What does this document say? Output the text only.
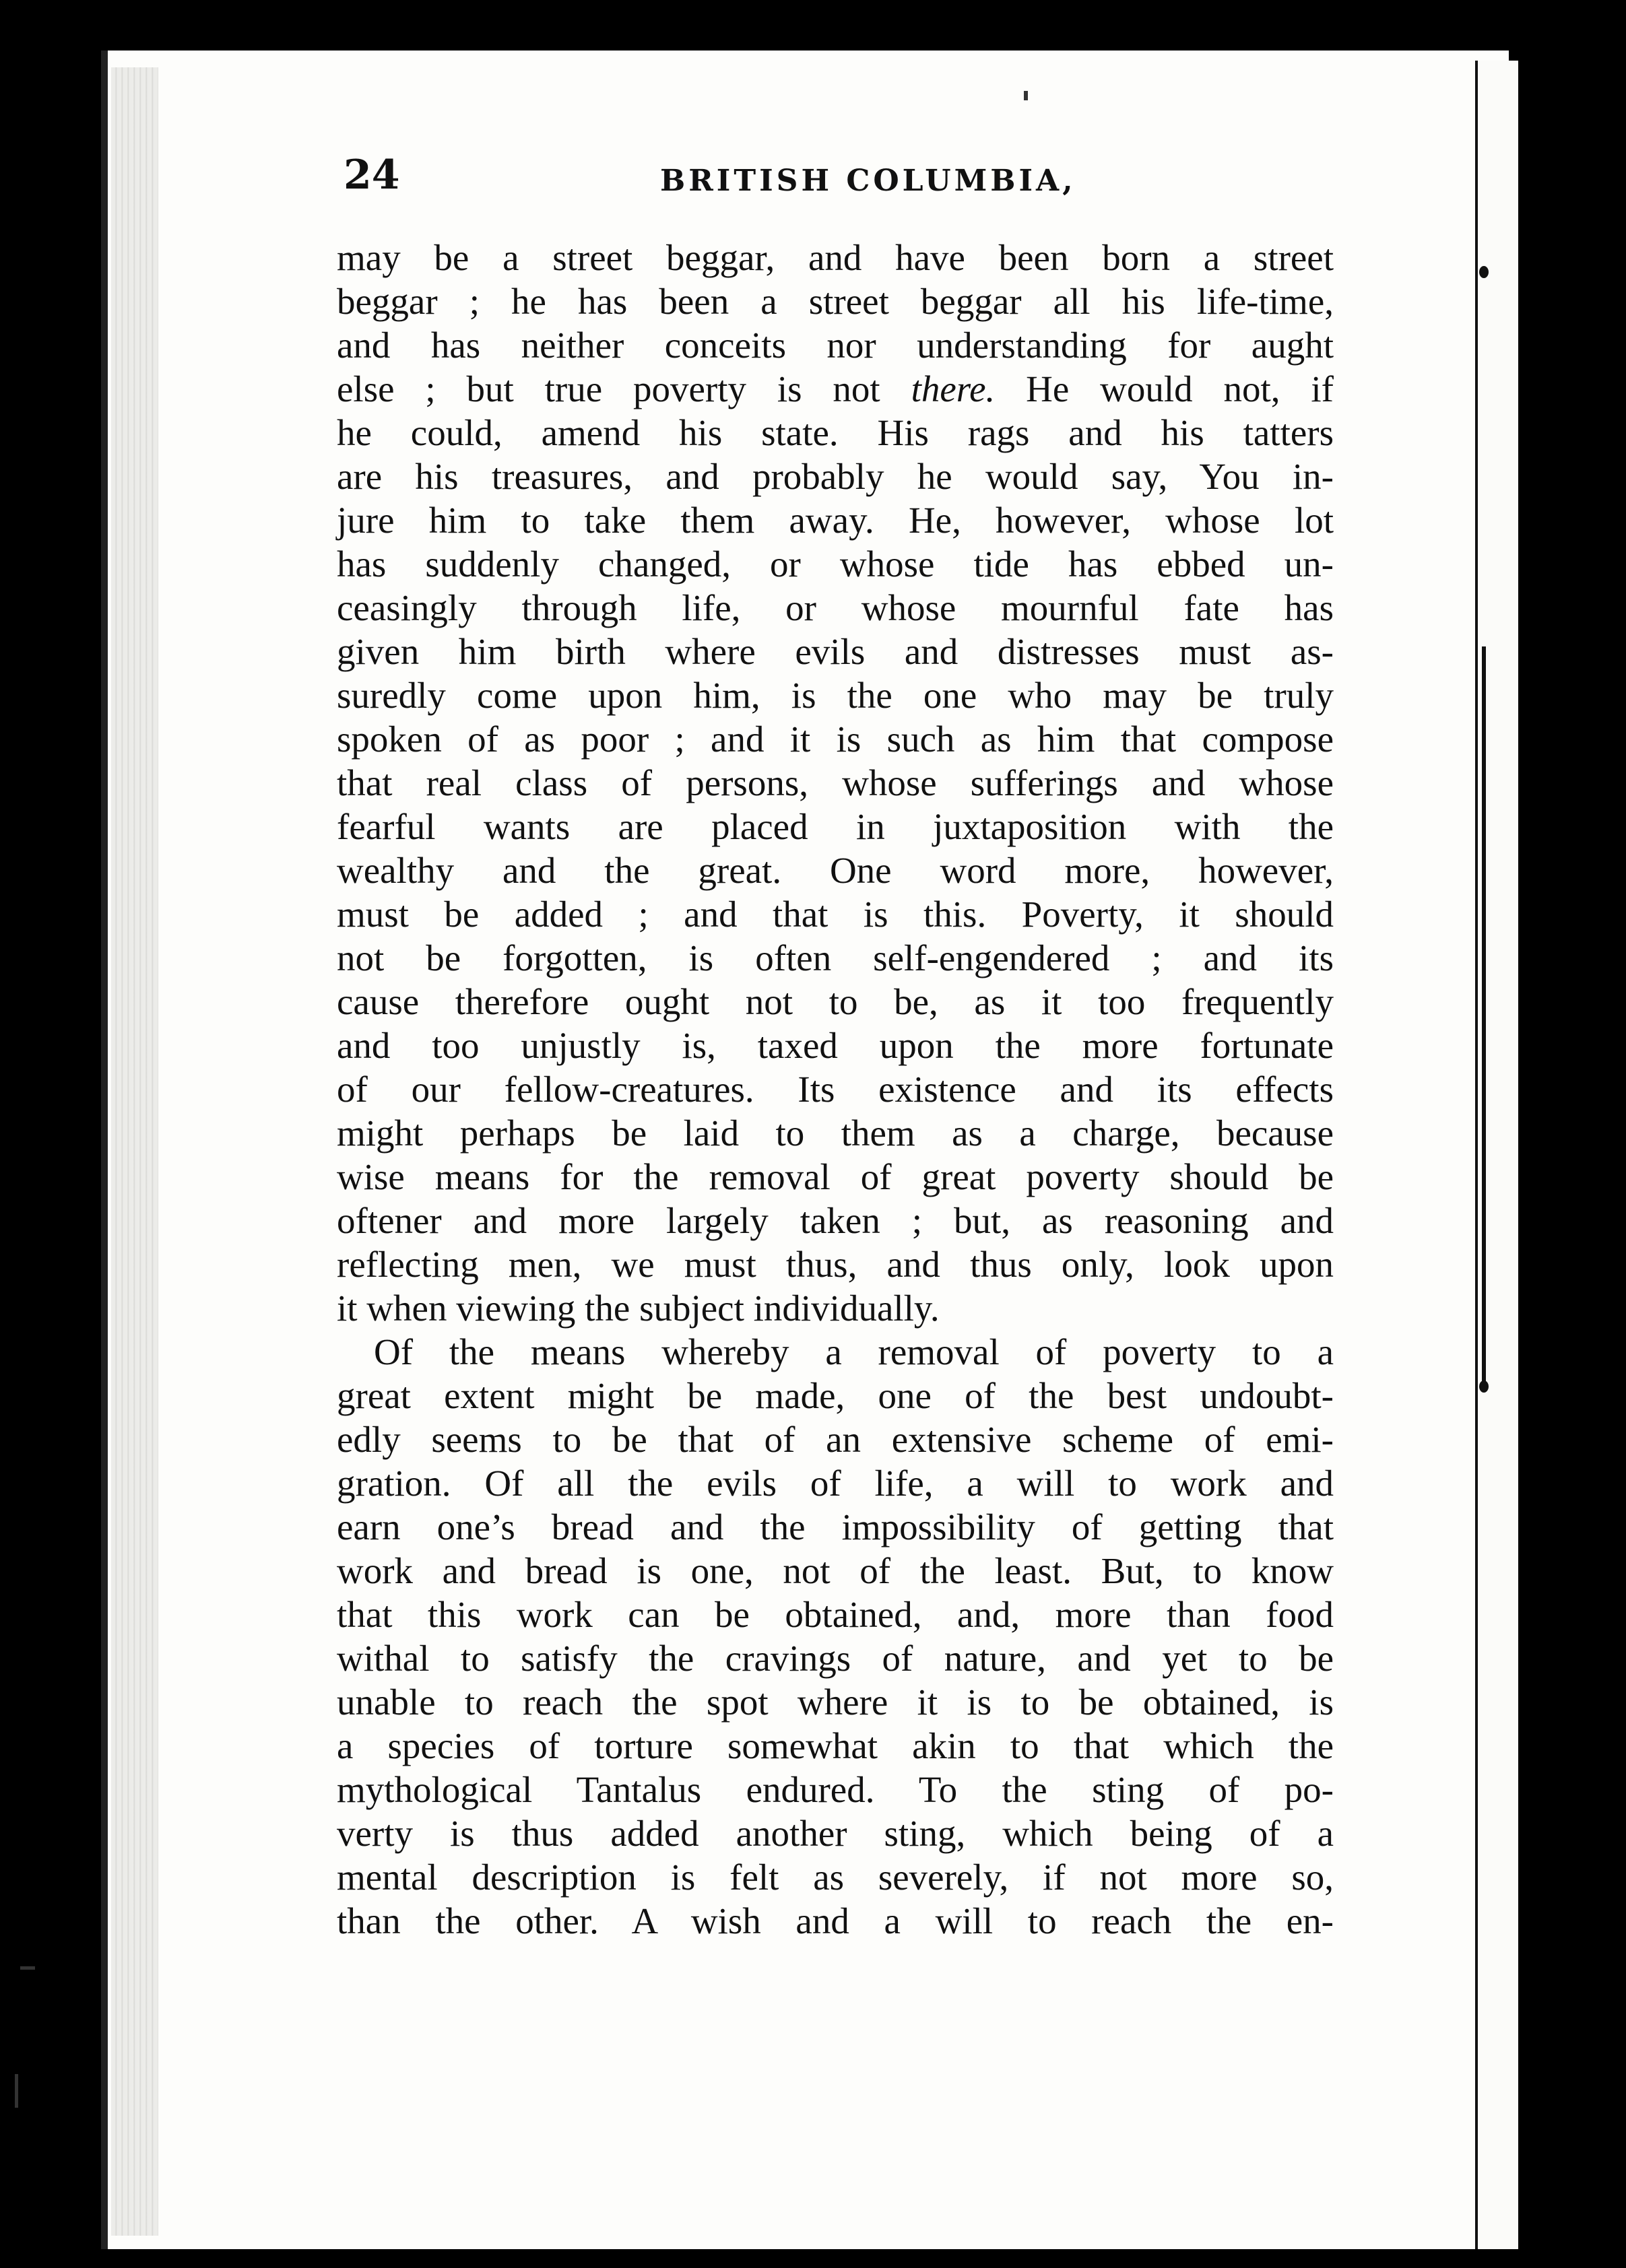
24	BRITISH COLUMBIA,
may be a street beggar, and have been born a street
beggar ; he has been a street beggar all his life-time,
and has neither conceits nor understanding for aught
else ; but true poverty is not there. He would not, if
he could, amend his state. His rags and his tatters
are his treasures, and probably he would say, You in-
jure him to take them away. He, however, whose lot
has suddenly changed, or whose tide has ebbed un-
ceasingly through life, or whose mournful fate has
given him birth where evils and distresses must as-
suredly come upon him, is the one who may be truly
spoken of as poor ; and it is such as him that compose
that real class of persons, whose sufferings and whose
fearful wants are placed in juxtaposition with the
wealthy and the great. One word more, however,
must be added ; and that is this. Poverty, it should
not be forgotten, is often self-engendered ; and its
cause therefore ought not to be, as it too frequently
and too unjustly is, taxed upon the more fortunate
of our fellow-creatures. Its existence and its effects
might perhaps be laid to them as a charge, because
wise means for the removal of great poverty should be
oftener and more largely taken ; but, as reasoning and
reflecting men, we must thus, and thus only, look upon
it when viewing the subject individually.
Of the means whereby a removal of poverty to a
great extent might be made, one of the best undoubt-
edly seems to be that of an extensive scheme of emi-
gration. Of all the evils of life, a will to work and
earn one’s bread and the impossibility of getting that
work and bread is one, not of the least. But, to know
that this work can be obtained, and, more than food
withal to satisfy the cravings of nature, and yet to be
unable to reach the spot where it is to be obtained, is
a species of torture somewhat akin to that which the
mythological Tantalus endured. To the sting of po-
verty is thus added another sting, which being of a
mental description is felt as severely, if not more so,
than the other. A wish and a will to reach the en-
